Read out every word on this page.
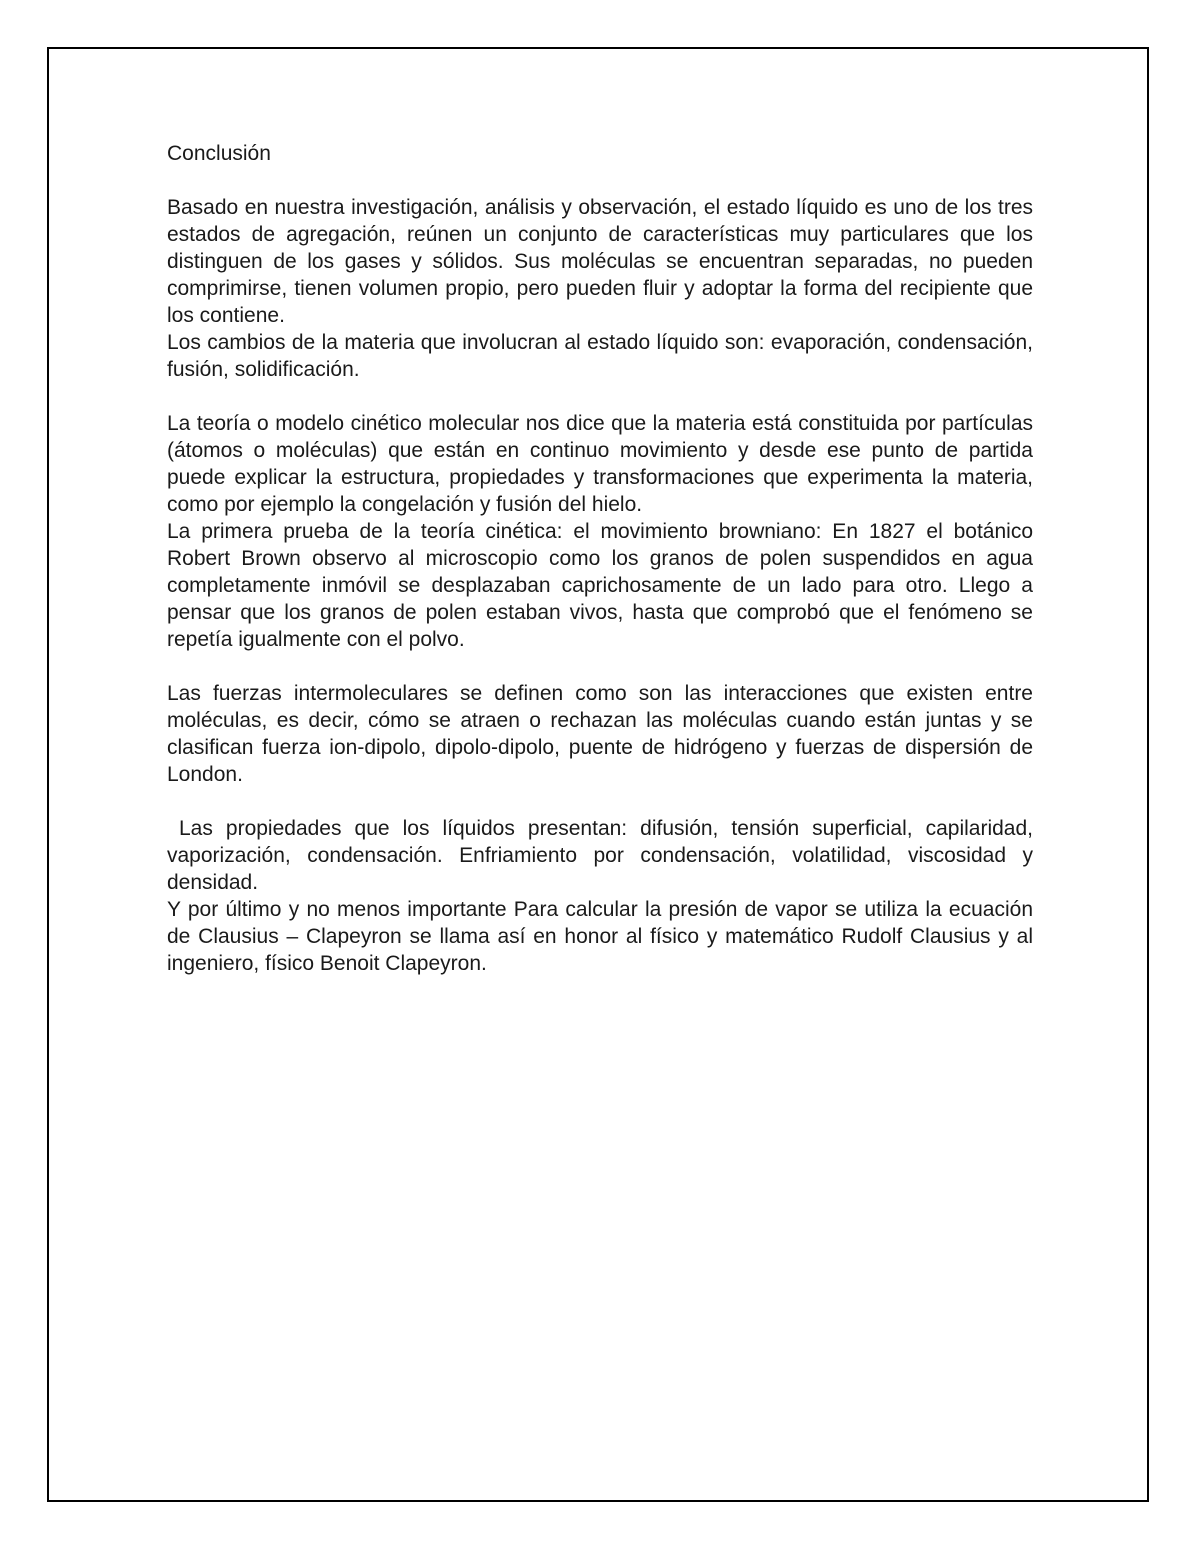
Conclusión

Basado en nuestra investigación, análisis y observación, el estado líquido es uno de los tres estados de agregación, reúnen un conjunto de características muy particulares que los distinguen de los gases y sólidos. Sus moléculas se encuentran separadas, no pueden comprimirse, tienen volumen propio, pero pueden fluir y adoptar la forma del recipiente que los contiene.

Los cambios de la materia que involucran al estado líquido son: evaporación, condensación, fusión, solidificación.

La teoría o modelo cinético molecular nos dice que la materia está constituida por partículas (átomos o moléculas) que están en continuo movimiento y desde ese punto de partida puede explicar la estructura, propiedades y transformaciones que experimenta la materia, como por ejemplo la congelación y fusión del hielo.

La primera prueba de la teoría cinética: el movimiento browniano: En 1827 el botánico Robert Brown observo al microscopio como los granos de polen suspendidos en agua completamente inmóvil se desplazaban caprichosamente de un lado para otro. Llego a pensar que los granos de polen estaban vivos, hasta que comprobó que el fenómeno se repetía igualmente con el polvo.

Las fuerzas intermoleculares se definen como son las interacciones que existen entre moléculas, es decir, cómo se atraen o rechazan las moléculas cuando están juntas y se clasifican fuerza ion-dipolo, dipolo-dipolo, puente de hidrógeno y fuerzas de dispersión de London.

Las propiedades que los líquidos presentan: difusión, tensión superficial, capilaridad, vaporización, condensación. Enfriamiento por condensación, volatilidad, viscosidad y densidad.

Y por último y no menos importante Para calcular la presión de vapor se utiliza la ecuación de Clausius – Clapeyron se llama así en honor al físico y matemático Rudolf Clausius y al ingeniero, físico Benoit Clapeyron.
